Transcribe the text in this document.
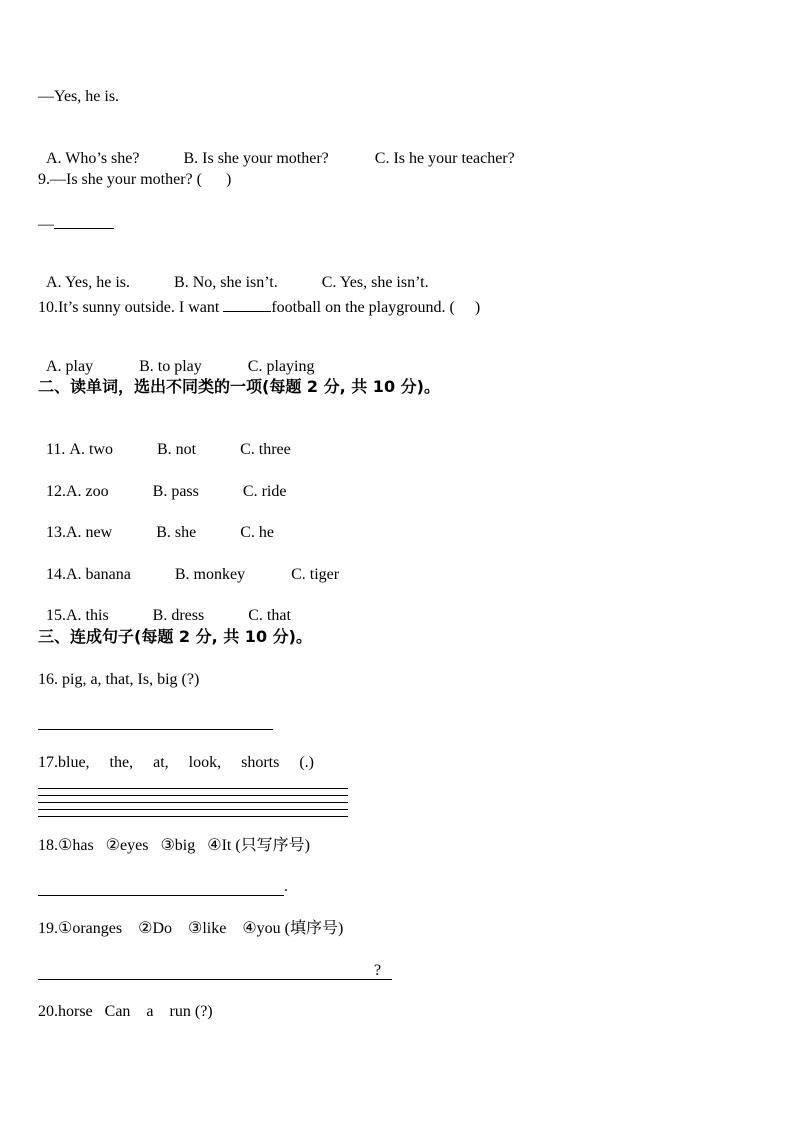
—Yes, he is.

A. Who’s she?	B. Is she your mother?	C. Is he your teacher?

9.—Is she your mother? (      )
—

A. Yes, he is.	B. No, she isn’t.	C. Yes, she isn’t.

10.It’s sunny outside. I want	football on the playground. (     )

A. play	B. to play	C. playing

二、读单词，选出不同类的一项(每题 2 分, 共 10 分)。

11. A. two	B. not	C. three

12.A. zoo	B. pass	C. ride

13.A. new	B. she	C. he

14.A. banana	B. monkey	C. tiger

15.A. this	B. dress	C. that

三、连成句子(每题 2 分, 共 10 分)。
16. pig, a, that, Is, big (?)
17.blue,     the,     at,     look,     shorts     (.)
18.①has   ②eyes   ③big   ④It (只写序号)
.
19.①oranges    ②Do    ③like    ④you (填序号)
?
20.horse   Can    a    run (?)
